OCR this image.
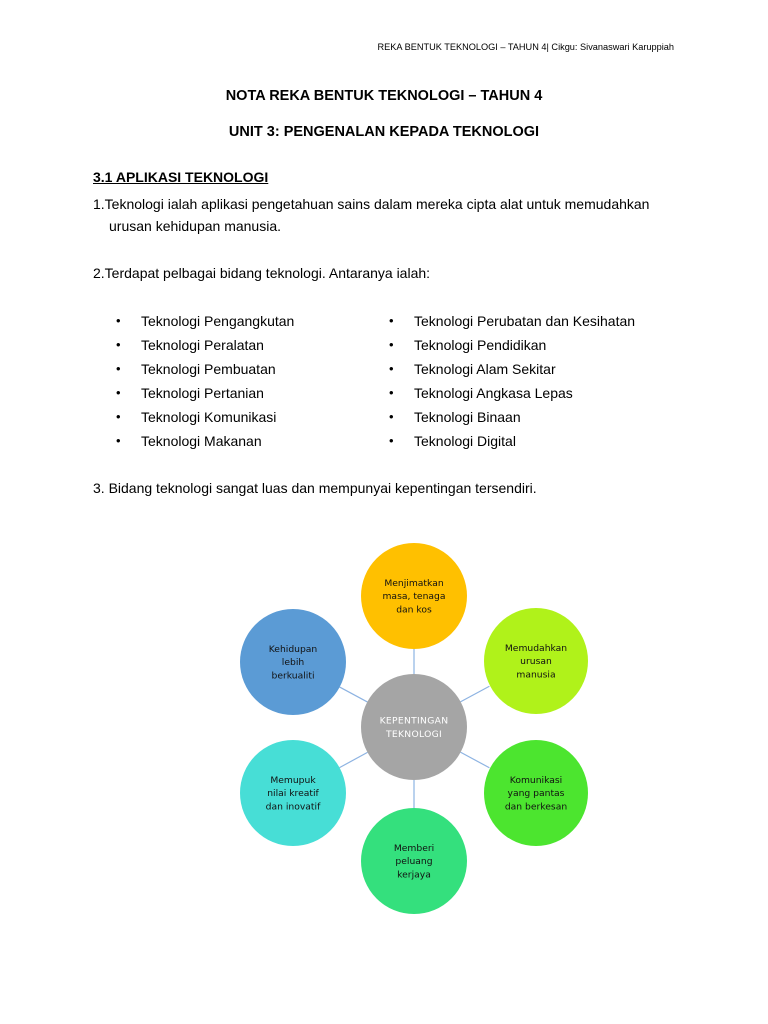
REKA BENTUK TEKNOLOGI – TAHUN 4| Cikgu: Sivanaswari Karuppiah
NOTA REKA BENTUK TEKNOLOGI – TAHUN 4
UNIT 3: PENGENALAN KEPADA TEKNOLOGI
3.1 APLIKASI TEKNOLOGI
1.Teknologi ialah aplikasi pengetahuan sains dalam mereka cipta alat untuk memudahkan
urusan kehidupan manusia.
2.Terdapat pelbagai bidang teknologi. Antaranya ialah:
• Teknologi Pengangkutan
• Teknologi Peralatan
• Teknologi Pembuatan
• Teknologi Pertanian
• Teknologi Komunikasi
• Teknologi Makanan
• Teknologi Perubatan dan Kesihatan
• Teknologi Pendidikan
• Teknologi Alam Sekitar
• Teknologi Angkasa Lepas
• Teknologi Binaan
• Teknologi Digital
3. Bidang teknologi sangat luas dan mempunyai kepentingan tersendiri.
KEPENTINGAN
TEKNOLOGI
Menjimatkan
masa, tenaga
dan kos
Memudahkan
urusan
manusia
Komunikasi
yang pantas
dan berkesan
Memberi
peluang
kerjaya
Memupuk
nilai kreatif
dan inovatif
Kehidupan
lebih
berkualiti
